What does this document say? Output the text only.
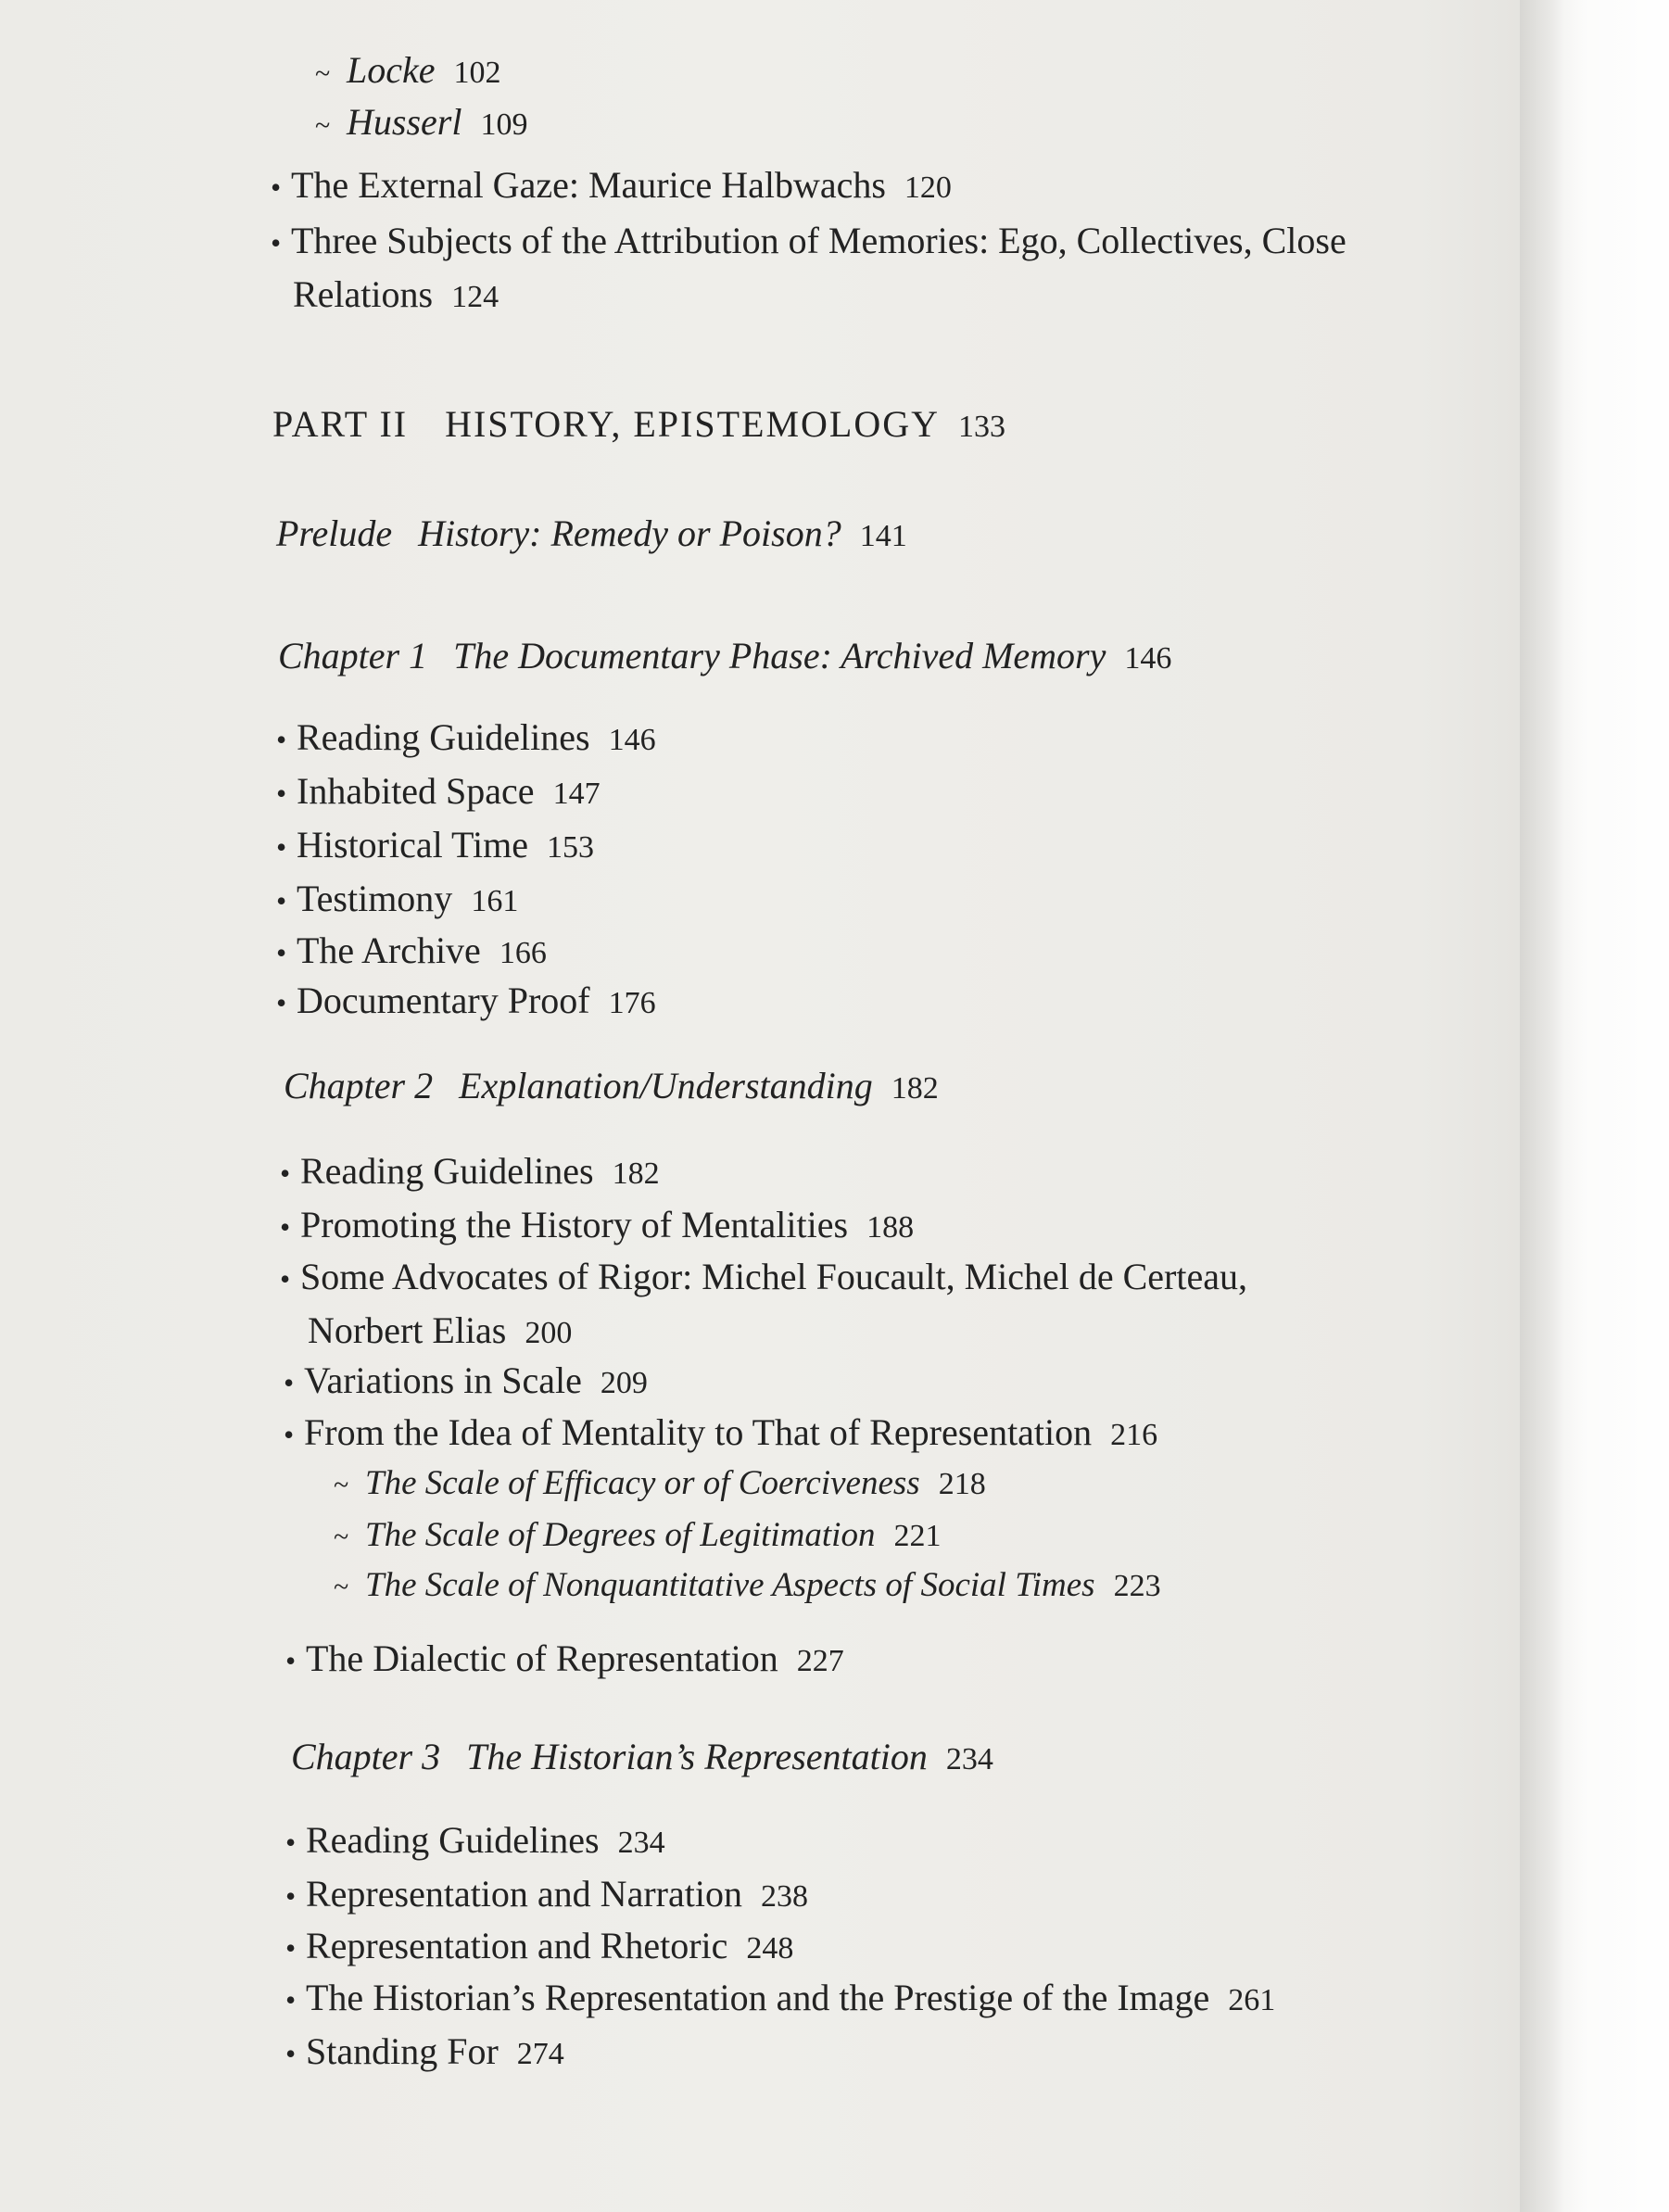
~ Locke 102
~ Husserl 109
• The External Gaze: Maurice Halbwachs 120
• Three Subjects of the Attribution of Memories: Ego, Collectives, Close
Relations 124
PART II HISTORY, EPISTEMOLOGY 133
Prelude History: Remedy or Poison? 141
Chapter 1 The Documentary Phase: Archived Memory 146
• Reading Guidelines 146
• Inhabited Space 147
• Historical Time 153
• Testimony 161
• The Archive 166
• Documentary Proof 176
Chapter 2 Explanation/Understanding 182
• Reading Guidelines 182
• Promoting the History of Mentalities 188
• Some Advocates of Rigor: Michel Foucault, Michel de Certeau,
Norbert Elias 200
• Variations in Scale 209
• From the Idea of Mentality to That of Representation 216
~ The Scale of Efficacy or of Coerciveness 218
~ The Scale of Degrees of Legitimation 221
~ The Scale of Nonquantitative Aspects of Social Times 223
• The Dialectic of Representation 227
Chapter 3 The Historian’s Representation 234
• Reading Guidelines 234
• Representation and Narration 238
• Representation and Rhetoric 248
• The Historian’s Representation and the Prestige of the Image 261
• Standing For 274
